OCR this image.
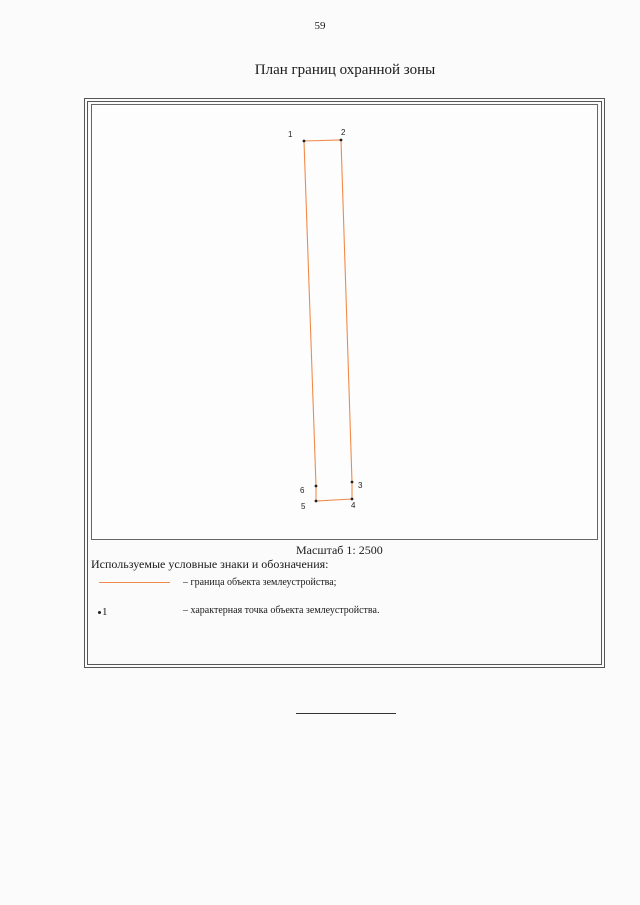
59
План границ охранной зоны
1	2
3
4
5
6
Масштаб 1: 2500
Используемые условные знаки и обозначения:
– граница объекта землеустройства;
1	– характерная точка объекта землеустройства.
